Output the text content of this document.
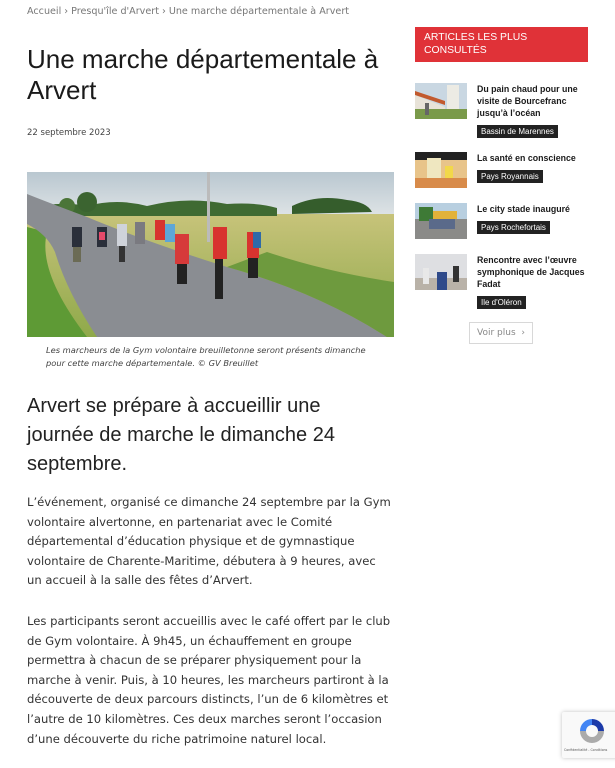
Accueil › Presqu'île d'Arvert › Une marche départementale à Arvert
Une marche départementale à Arvert
22 septembre 2023
Les marcheurs de la Gym volontaire breuilletonne seront présents dimanche pour cette marche départementale. © GV Breuillet
Arvert se prépare à accueillir une journée de marche le dimanche 24 septembre.

L’événement, organisé ce dimanche 24 septembre par la Gym volontaire alvertonne, en partenariat avec le Comité départemental d’éducation physique et de gymnastique volontaire de Charente-Maritime, débutera à 9 heures, avec un accueil à la salle des fêtes d’Arvert.

Les participants seront accueillis avec le café offert par le club de Gym volontaire. À 9h45, un échauffement en groupe permettra à chacun de se préparer physiquement pour la marche à venir. Puis, à 10 heures, les marcheurs partiront à la découverte de deux parcours distincts, l’un de 6 kilomètres et l’autre de 10 kilomètres. Ces deux marches seront l’occasion d’une découverte du riche patrimoine naturel local.

ARTICLES LES PLUS CONSULTÉS
Du pain chaud pour une visite de Bourcefranc jusqu’à l’océan
Bassin de Marennes
La santé en conscience
Pays Royannais
Le city stade inauguré
Pays Rochefortais
Rencontre avec l’œuvre symphonique de Jacques Fadat
Ile d'Oléron
Voir plus  ›
Confidentialité - Conditions
